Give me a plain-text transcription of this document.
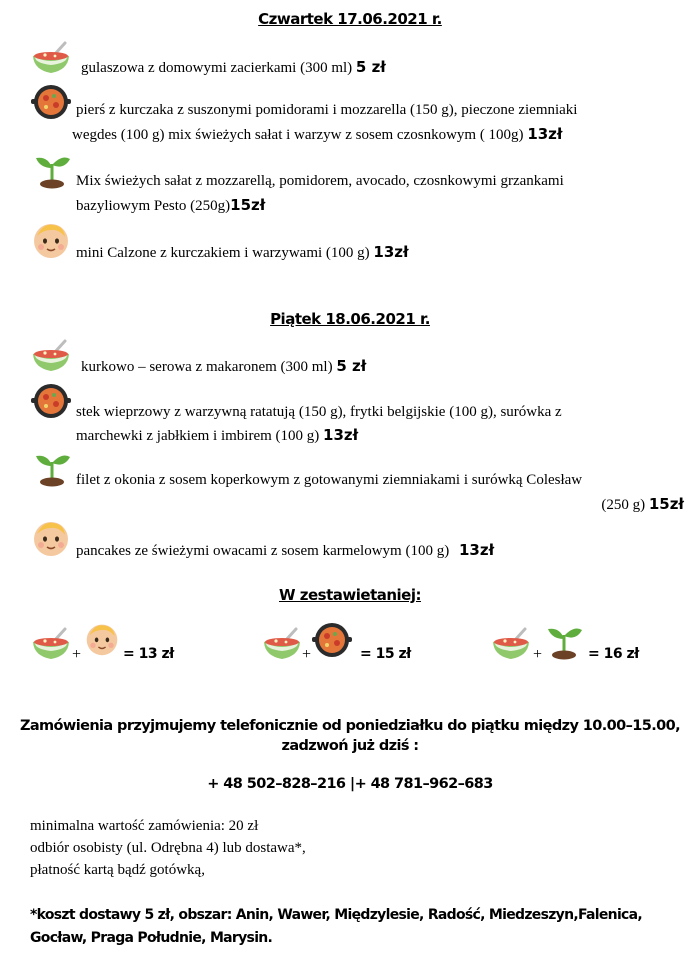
Czwartek 17.06.2021 r.
gulaszowa z domowymi zacierkami (300 ml) 5 zł
pierś z kurczaka z suszonymi pomidorami i mozzarella (150 g), pieczone ziemniaki
wegdes (100 g) mix świeżych sałat i warzyw z sosem czosnkowym ( 100g) 13zł
Mix świeżych sałat z mozzarellą, pomidorem, avocado, czosnkowymi grzankami
bazyliowym Pesto (250g)15zł
mini Calzone z kurczakiem i warzywami (100 g) 13zł
Piątek 18.06.2021 r.
kurkowo – serowa z makaronem (300 ml) 5 zł
stek wieprzowy z warzywną ratatują (150 g), frytki belgijskie (100 g), surówka z
marchewki z jabłkiem i imbirem (100 g) 13zł
filet z okonia z sosem koperkowym z gotowanymi ziemniakami i surówką Colesław
(250 g) 15zł
pancakes ze świeżymi owacami z sosem karmelowym (100 g) 13zł
W zestawietaniej:
+	= 13 zł	+	= 15 zł	+	= 16 zł
Zamówienia przyjmujemy telefonicznie od poniedziałku do piątku między 10.00–15.00,
zadzwoń już dziś :
+ 48 502–828–216 |+ 48 781–962–683
minimalna wartość zamówienia: 20 zł
odbiór osobisty (ul. Odrębna 4) lub dostawa*,
płatność kartą bądź gotówką,
*koszt dostawy 5 zł, obszar: Anin, Wawer, Międzylesie, Radość, Miedzeszyn,Falenica,
Gocław, Praga Południe, Marysin.
